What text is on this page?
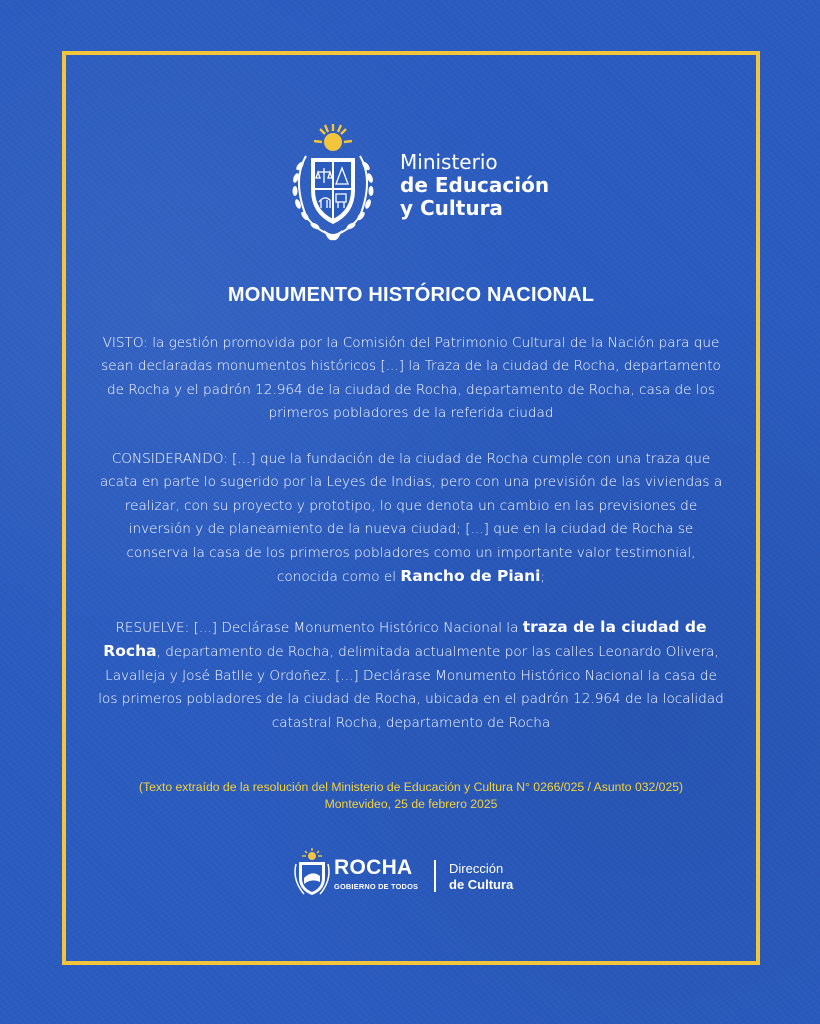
Ministerio
de Educación
y Cultura
MONUMENTO HISTÓRICO NACIONAL
VISTO: la gestión promovida por la Comisión del Patrimonio Cultural de la Nación para que sean declaradas monumentos históricos [...] la Traza de la ciudad de Rocha, departamento de Rocha y el padrón 12.964 de la ciudad de Rocha, departamento de Rocha, casa de los primeros pobladores de la referida ciudad
CONSIDERANDO: [...] que la fundación de la ciudad de Rocha cumple con una traza que acata en parte lo sugerido por la Leyes de Indias, pero con una previsión de las viviendas a realizar, con su proyecto y prototipo, lo que denota un cambio en las previsiones de inversión y de planeamiento de la nueva ciudad; [...] que en la ciudad de Rocha se conserva la casa de los primeros pobladores como un importante valor testimonial, conocida como el Rancho de Piani;
RESUELVE: [...] Declárase Monumento Histórico Nacional la traza de la ciudad de Rocha, departamento de Rocha, delimitada actualmente por las calles Leonardo Olivera, Lavalleja y José Batlle y Ordoñez. [...] Declárase Monumento Histórico Nacional la casa de los primeros pobladores de la ciudad de Rocha, ubicada en el padrón 12.964 de la localidad catastral Rocha, departamento de Rocha
(Texto extraído de la resolución del Ministerio de Educación y Cultura N° 0266/025 / Asunto 032/025)
Montevideo, 25 de febrero 2025
ROCHA
GOBIERNO DE TODOS
Dirección
de Cultura
